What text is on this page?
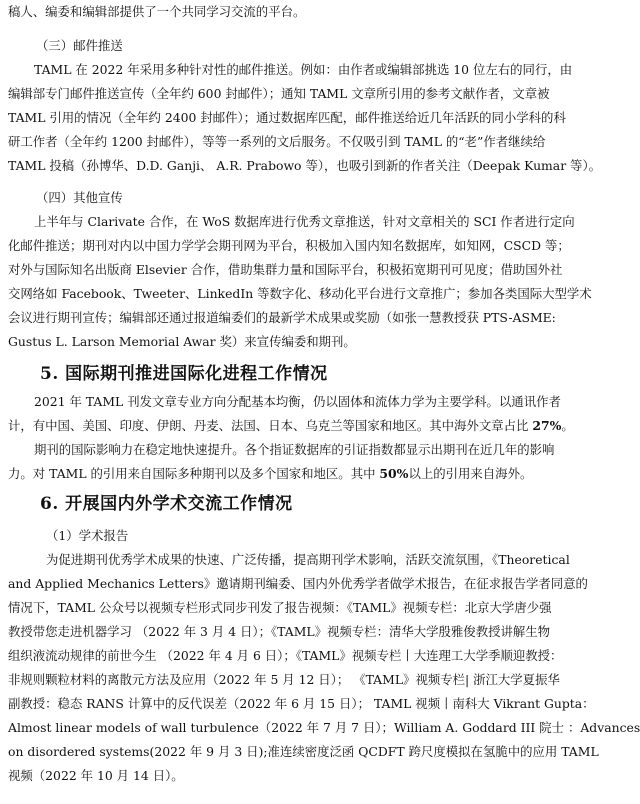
稿人、编委和编辑部提供了一个共同学习交流的平台。
（三）邮件推送
TAML 在 2022 年采用多种针对性的邮件推送。例如：由作者或编辑部挑选 10 位左右的同行，由
编辑部专门邮件推送宣传（全年约 600 封邮件）；通知 TAML 文章所引用的参考文献作者，文章被
TAML 引用的情况（全年约 2400 封邮件）；通过数据库匹配，邮件推送给近几年活跃的同小学科的科
研工作者（全年约 1200 封邮件），等等一系列的文后服务。不仅吸引到 TAML 的“老”作者继续给
TAML 投稿（孙博华、D.D. Ganji、 A.R. Prabowo 等），也吸引到新的作者关注（Deepak Kumar 等）。
（四）其他宣传
上半年与 Clarivate 合作，在 WoS 数据库进行优秀文章推送，针对文章相关的 SCI 作者进行定向
化邮件推送；期刊对内以中国力学学会期刊网为平台，积极加入国内知名数据库，如知网，CSCD 等；
对外与国际知名出版商 Elsevier 合作，借助集群力量和国际平台，积极拓宽期刊可见度；借助国外社
交网络如 Facebook、Tweeter、LinkedIn 等数字化、移动化平台进行文章推广；参加各类国际大型学术
会议进行期刊宣传；编辑部还通过报道编委们的最新学术成果或奖励（如张一慧教授获 PTS-ASME:
Gustus L. Larson Memorial Awar 奖）来宣传编委和期刊。
5. 国际期刊推进国际化进程工作情况
2021 年 TAML 刊发文章专业方向分配基本均衡，仍以固体和流体力学为主要学科。以通讯作者
计，有中国、美国、印度、伊朗、丹麦、法国、日本、乌克兰等国家和地区。其中海外文章占比 27%。
期刊的国际影响力在稳定地快速提升。各个指证数据库的引证指数都显示出期刊在近几年的影响
力。对 TAML 的引用来自国际多种期刊以及多个国家和地区。其中 50%以上的引用来自海外。
6. 开展国内外学术交流工作情况
（1）学术报告
为促进期刊优秀学术成果的快速、广泛传播，提高期刊学术影响，活跃交流氛围，《Theoretical
and Applied Mechanics Letters》邀请期刊编委、国内外优秀学者做学术报告，在征求报告学者同意的
情况下，TAML 公众号以视频专栏形式同步刊发了报告视频：《TAML》视频专栏：北京大学唐少强
教授带您走进机器学习 （2022 年 3 月 4 日）；《TAML》视频专栏：清华大学殷雅俊教授讲解生物
组织液流动规律的前世今生 （2022 年 4 月 6 日）；《TAML》视频专栏丨大连理工大学季顺迎教授：
非规则颗粒材料的离散元方法及应用（2022 年 5 月 12 日）； 《TAML》视频专栏| 浙江大学夏振华
副教授：稳态 RANS 计算中的反代误差（2022 年 6 月 15 日）； TAML 视频丨南科大 Vikrant Gupta：
Almost linear models of wall turbulence（2022 年 7 月 7 日）；William A. Goddard III 院士 ：Advances
on disordered systems(2022 年 9 月 3 日);准连续密度泛函 QCDFT 跨尺度模拟在氢脆中的应用 TAML
视频（2022 年 10 月 14 日）。
